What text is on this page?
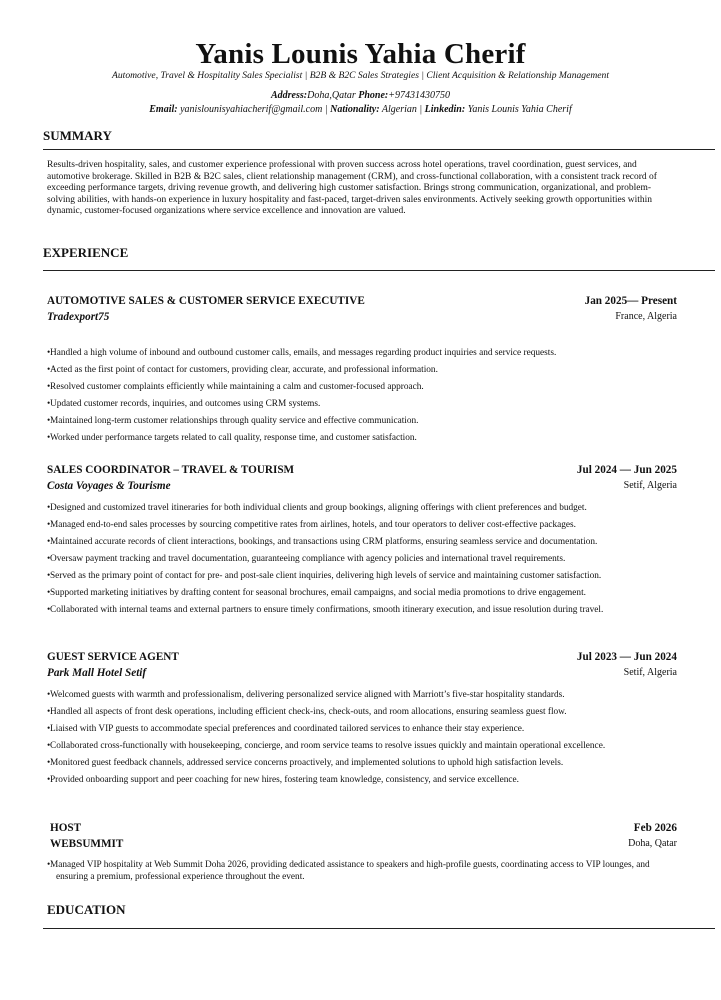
Yanis Lounis Yahia Cherif
Automotive, Travel & Hospitality Sales Specialist | B2B & B2C Sales Strategies | Client Acquisition & Relationship Management
Address:Doha,Qatar Phone:+97431430750
Email: yanislounisyahiacherif@gmail.com | Nationality: Algerian | Linkedin: Yanis Lounis Yahia Cherif
SUMMARY
Results-driven hospitality, sales, and customer experience professional with proven success across hotel operations, travel coordination, guest services, and automotive brokerage. Skilled in B2B & B2C sales, client relationship management (CRM), and cross-functional collaboration, with a consistent track record of exceeding performance targets, driving revenue growth, and delivering high customer satisfaction. Brings strong communication, organizational, and problem-solving abilities, with hands-on experience in luxury hospitality and fast-paced, target-driven sales environments. Actively seeking growth opportunities within dynamic, customer-focused organizations where service excellence and innovation are valued.
EXPERIENCE
AUTOMOTIVE SALES & CUSTOMER SERVICE EXECUTIVE	Jan 2025— Present
Tradexport75	France, Algeria
• Handled a high volume of inbound and outbound customer calls, emails, and messages regarding product inquiries and service requests.
• Acted as the first point of contact for customers, providing clear, accurate, and professional information.
• Resolved customer complaints efficiently while maintaining a calm and customer-focused approach.
• Updated customer records, inquiries, and outcomes using CRM systems.
• Maintained long-term customer relationships through quality service and effective communication.
• Worked under performance targets related to call quality, response time, and customer satisfaction.
SALES COORDINATOR – TRAVEL & TOURISM	Jul 2024 — Jun 2025
Costa Voyages & Tourisme	Setif, Algeria
• Designed and customized travel itineraries for both individual clients and group bookings, aligning offerings with client preferences and budget.
• Managed end-to-end sales processes by sourcing competitive rates from airlines, hotels, and tour operators to deliver cost-effective packages.
• Maintained accurate records of client interactions, bookings, and transactions using CRM platforms, ensuring seamless service and documentation.
• Oversaw payment tracking and travel documentation, guaranteeing compliance with agency policies and international travel requirements.
• Served as the primary point of contact for pre- and post-sale client inquiries, delivering high levels of service and maintaining customer satisfaction.
• Supported marketing initiatives by drafting content for seasonal brochures, email campaigns, and social media promotions to drive engagement.
• Collaborated with internal teams and external partners to ensure timely confirmations, smooth itinerary execution, and issue resolution during travel.
GUEST SERVICE AGENT	Jul 2023 — Jun 2024
Park Mall Hotel Setif	Setif, Algeria
• Welcomed guests with warmth and professionalism, delivering personalized service aligned with Marriott’s five-star hospitality standards.
• Handled all aspects of front desk operations, including efficient check-ins, check-outs, and room allocations, ensuring seamless guest flow.
• Liaised with VIP guests to accommodate special preferences and coordinated tailored services to enhance their stay experience.
• Collaborated cross-functionally with housekeeping, concierge, and room service teams to resolve issues quickly and maintain operational excellence.
• Monitored guest feedback channels, addressed service concerns proactively, and implemented solutions to uphold high satisfaction levels.
• Provided onboarding support and peer coaching for new hires, fostering team knowledge, consistency, and service excellence.
HOST	Feb 2026
WEBSUMMIT	Doha, Qatar
• Managed VIP hospitality at Web Summit Doha 2026, providing dedicated assistance to speakers and high-profile guests, coordinating access to VIP lounges, and ensuring a premium, professional experience throughout the event.
EDUCATION
